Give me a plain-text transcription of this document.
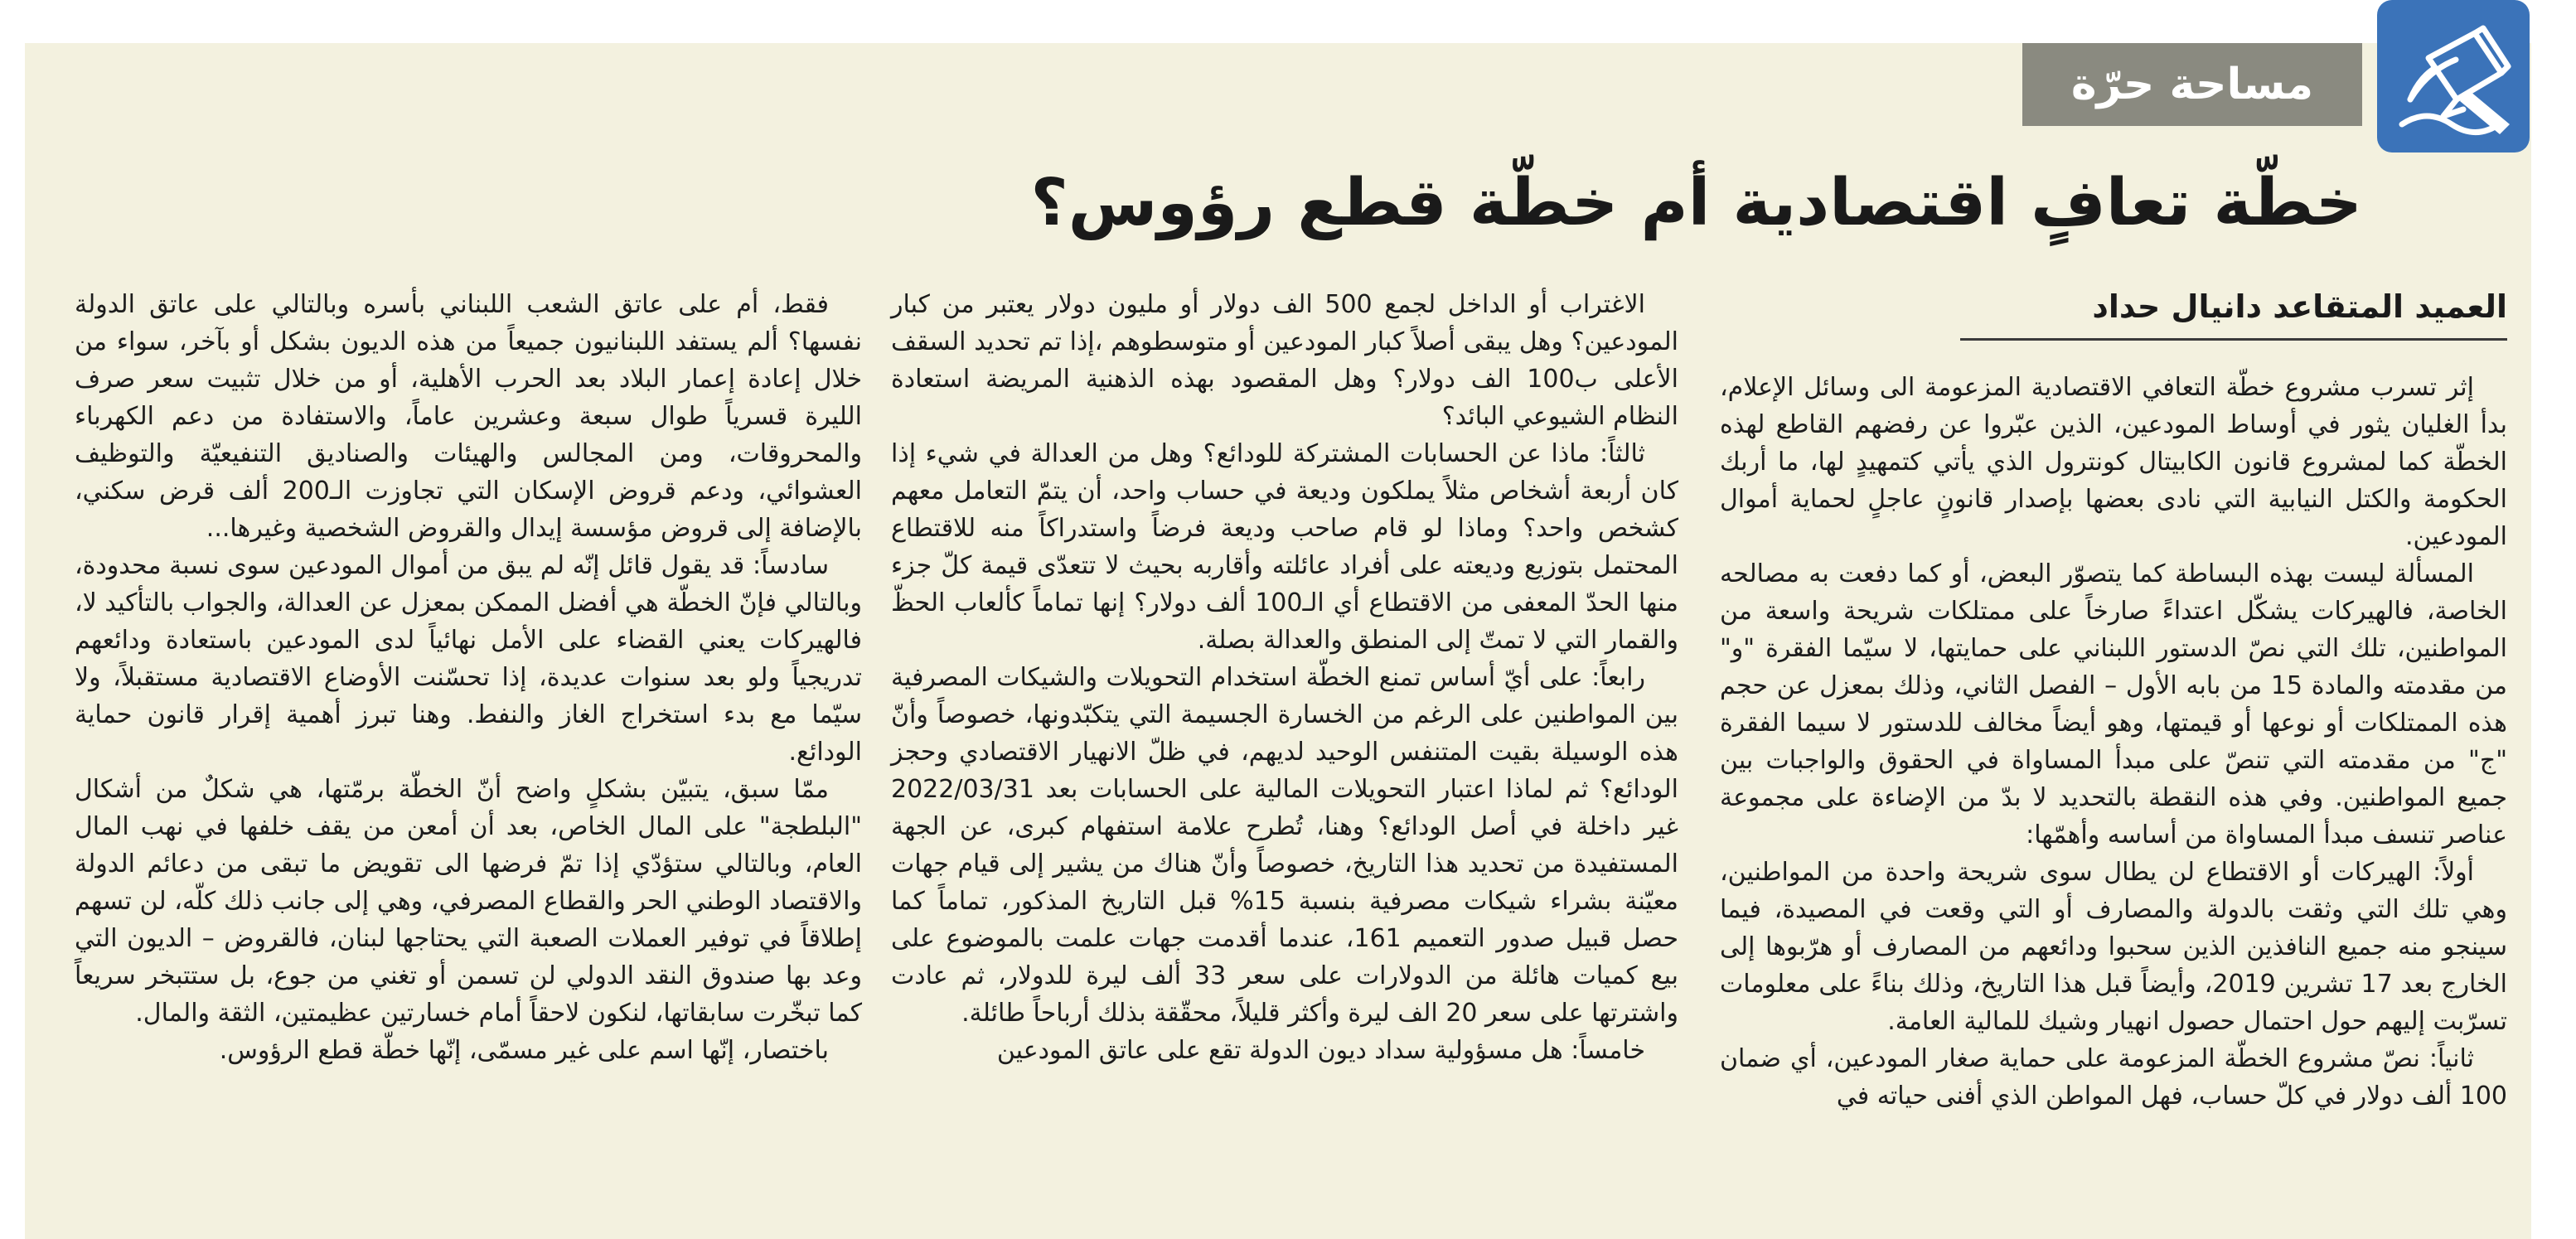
مساحة حرّة
خطّة تعافٍ اقتصادية أم خطّة قطع رؤوس؟
العميد المتقاعد دانيال حداد

إثر تسرب مشروع خطّة التعافي الاقتصادية المزعومة الى وسائل الإعلام، بدأ الغليان يثور في أوساط المودعين، الذين عبّروا عن رفضهم القاطع لهذه الخطّة كما لمشروع قانون الكابيتال كونترول الذي يأتي كتمهيدٍ لها، ما أربك الحكومة والكتل النيابية التي نادى بعضها بإصدار قانونٍ عاجلٍ لحماية أموال المودعين.

المسألة ليست بهذه البساطة كما يتصوّر البعض، أو كما دفعت به مصالحه الخاصة، فالهيركات يشكّل اعتداءً صارخاً على ممتلكات شريحة واسعة من المواطنين، تلك التي نصّ الدستور اللبناني على حمايتها، لا سيّما الفقرة "و" من مقدمته والمادة 15 من بابه الأول – الفصل الثاني، وذلك بمعزل عن حجم هذه الممتلكات أو نوعها أو قيمتها، وهو أيضاً مخالف للدستور لا سيما الفقرة "ج" من مقدمته التي تنصّ على مبدأ المساواة في الحقوق والواجبات بين جميع المواطنين. وفي هذه النقطة بالتحديد لا بدّ من الإضاءة على مجموعة عناصر تنسف مبدأ المساواة من أساسه وأهمّها:

أولاً: الهيركات أو الاقتطاع لن يطال سوى شريحة واحدة من المواطنين، وهي تلك التي وثقت بالدولة والمصارف أو التي وقعت في المصيدة، فيما سينجو منه جميع النافذين الذين سحبوا ودائعهم من المصارف أو هرّبوها إلى الخارج بعد 17 تشرين 2019، وأيضاً قبل هذا التاريخ، وذلك بناءً على معلومات تسرّبت إليهم حول احتمال حصول انهيار وشيك للمالية العامة.

ثانياً: نصّ مشروع الخطّة المزعومة على حماية صغار المودعين، أي ضمان 100 ألف دولار في كلّ حساب، فهل المواطن الذي أفنى حياته في

الاغتراب أو الداخل لجمع 500 الف دولار أو مليون دولار يعتبر من كبار المودعين؟ وهل يبقى أصلاً كبار المودعين أو متوسطوهم ،إذا تم تحديد السقف الأعلى ب100 الف دولار؟ وهل المقصود بهذه الذهنية المريضة استعادة النظام الشيوعي البائد؟

ثالثاً: ماذا عن الحسابات المشتركة للودائع؟ وهل من العدالة في شيء إذا كان أربعة أشخاص مثلاً يملكون وديعة في حساب واحد، أن يتمّ التعامل معهم كشخص واحد؟ وماذا لو قام صاحب وديعة فرضاً واستدراكاً منه للاقتطاع المحتمل بتوزيع وديعته على أفراد عائلته وأقاربه بحيث لا تتعدّى قيمة كلّ جزء منها الحدّ المعفى من الاقتطاع أي الـ100 ألف دولار؟ إنها تماماً كألعاب الحظّ والقمار التي لا تمتّ إلى المنطق والعدالة بصلة.

رابعاً: على أيّ أساس تمنع الخطّة استخدام التحويلات والشيكات المصرفية بين المواطنين على الرغم من الخسارة الجسيمة التي يتكبّدونها، خصوصاً وأنّ هذه الوسيلة بقيت المتنفس الوحيد لديهم، في ظلّ الانهيار الاقتصادي وحجز الودائع؟ ثم لماذا اعتبار التحويلات المالية على الحسابات بعد 2022/03/31 غير داخلة في أصل الودائع؟ وهنا، تُطرح علامة استفهام كبرى، عن الجهة المستفيدة من تحديد هذا التاريخ، خصوصاً وأنّ هناك من يشير إلى قيام جهات معيّنة بشراء شيكات مصرفية بنسبة 15% قبل التاريخ المذكور، تماماً كما حصل قبيل صدور التعميم 161، عندما أقدمت جهات علمت بالموضوع على بيع كميات هائلة من الدولارات على سعر 33 ألف ليرة للدولار، ثم عادت واشترتها على سعر 20 الف ليرة وأكثر قليلاً، محقّقة بذلك أرباحاً طائلة.

خامساً: هل مسؤولية سداد ديون الدولة تقع على عاتق المودعين

فقط، أم على عاتق الشعب اللبناني بأسره وبالتالي على عاتق الدولة نفسها؟ ألم يستفد اللبنانيون جميعاً من هذه الديون بشكل أو بآخر، سواء من خلال إعادة إعمار البلاد بعد الحرب الأهلية، أو من خلال تثبيت سعر صرف الليرة قسرياً طوال سبعة وعشرين عاماً، والاستفادة من دعم الكهرباء والمحروقات، ومن المجالس والهيئات والصناديق التنفيعيّة والتوظيف العشوائي، ودعم قروض الإسكان التي تجاوزت الـ200 ألف قرض سكني، بالإضافة إلى قروض مؤسسة إيدال والقروض الشخصية وغيرها...

سادساً: قد يقول قائل إنّه لم يبق من أموال المودعين سوى نسبة محدودة، وبالتالي فإنّ الخطّة هي أفضل الممكن بمعزل عن العدالة، والجواب بالتأكيد لا، فالهيركات يعني القضاء على الأمل نهائياً لدى المودعين باستعادة ودائعهم تدريجياً ولو بعد سنوات عديدة، إذا تحسّنت الأوضاع الاقتصادية مستقبلاً، ولا سيّما مع بدء استخراج الغاز والنفط. وهنا تبرز أهمية إقرار قانون حماية الودائع.

ممّا سبق، يتبيّن بشكلٍ واضح أنّ الخطّة برمّتها، هي شكلٌ من أشكال "البلطجة" على المال الخاص، بعد أن أمعن من يقف خلفها في نهب المال العام، وبالتالي ستؤدّي إذا تمّ فرضها الى تقويض ما تبقى من دعائم الدولة والاقتصاد الوطني الحر والقطاع المصرفي، وهي إلى جانب ذلك كلّه، لن تسهم إطلاقاً في توفير العملات الصعبة التي يحتاجها لبنان، فالقروض – الديون التي وعد بها صندوق النقد الدولي لن تسمن أو تغني من جوع، بل ستتبخر سريعاً كما تبخّرت سابقاتها، لنكون لاحقاً أمام خسارتين عظيمتين، الثقة والمال.

باختصار، إنّها اسم على غير مسمّى، إنّها خطّة قطع الرؤوس.
